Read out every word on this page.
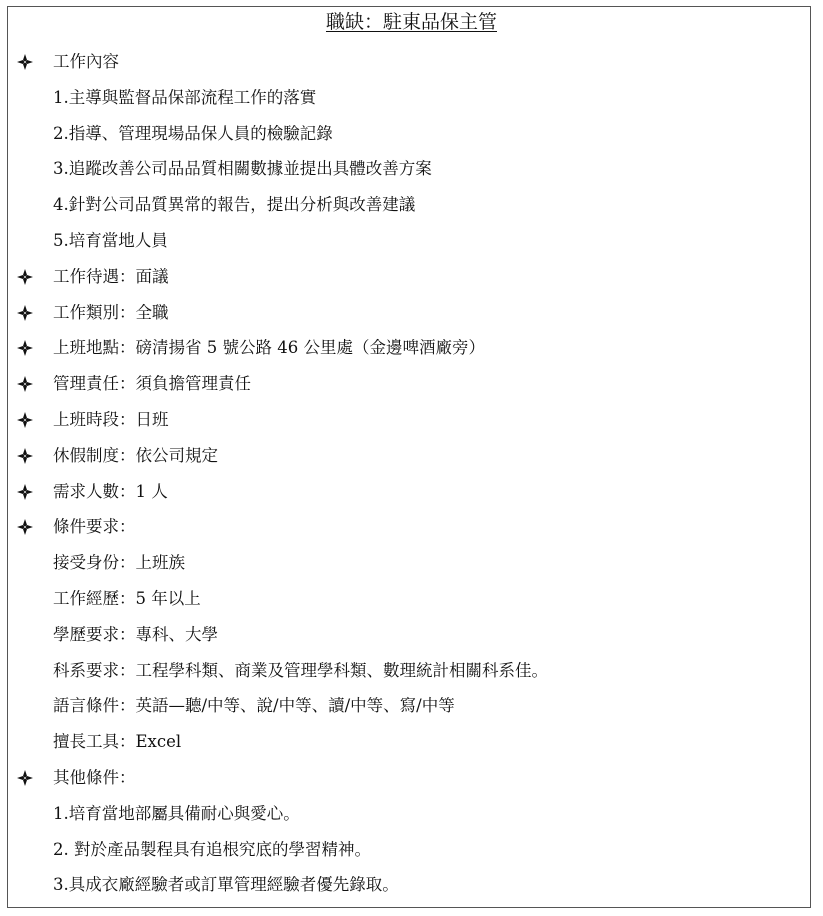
職缺：駐東品保主管
工作內容
1.主導與監督品保部流程工作的落實
2.指導、管理現場品保人員的檢驗記錄
3.追蹤改善公司品品質相關數據並提出具體改善方案
4.針對公司品質異常的報告，提出分析與改善建議
5.培育當地人員
工作待遇：面議
工作類別：全職
上班地點：磅清揚省 5 號公路 46 公里處（金邊啤酒廠旁）
管理責任：須負擔管理責任
上班時段：日班
休假制度：依公司規定
需求人數：1 人
條件要求：
接受身份：上班族
工作經歷：5 年以上
學歷要求：專科、大學
科系要求：工程學科類、商業及管理學科類、數理統計相關科系佳。
語言條件：英語—聽/中等、說/中等、讀/中等、寫/中等
擅長工具：Excel
其他條件：
1.培育當地部屬具備耐心與愛心。
2. 對於產品製程具有追根究底的學習精神。
3.具成衣廠經驗者或訂單管理經驗者優先錄取。
